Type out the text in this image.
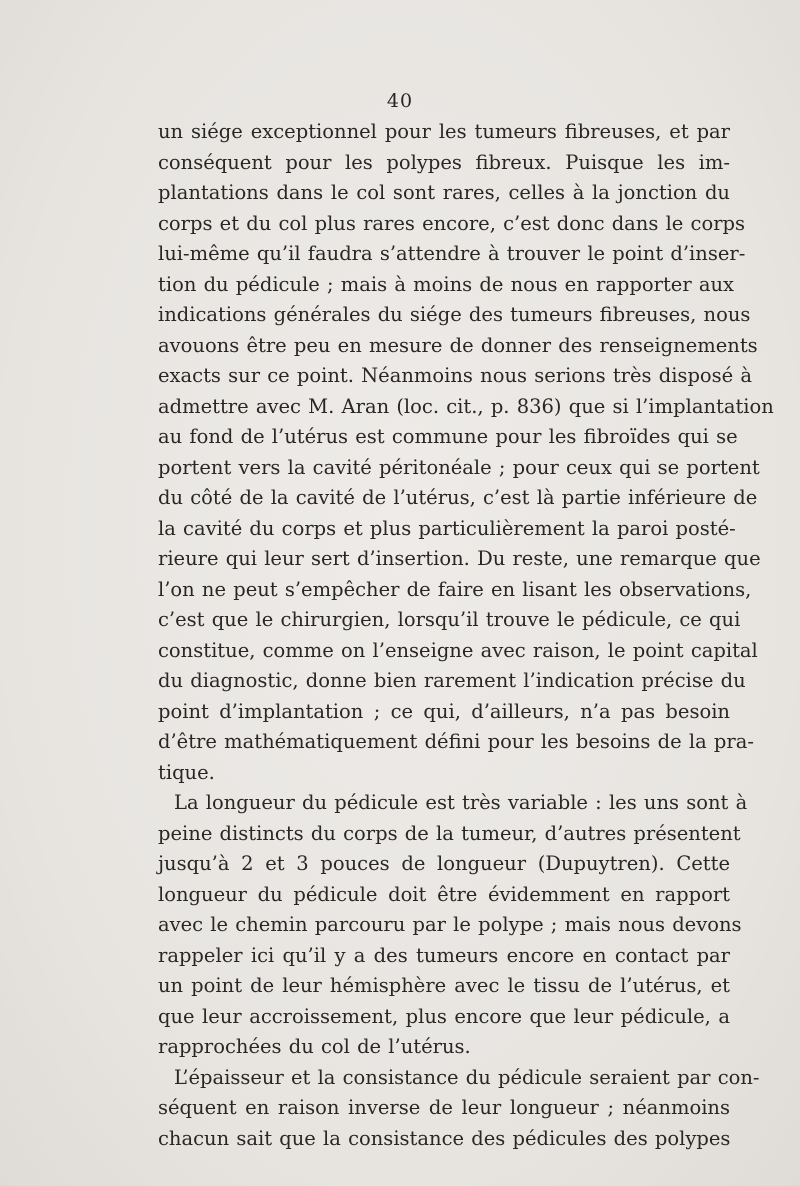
40
un siége exceptionnel pour les tumeurs fibreuses, et par
conséquent pour les polypes fibreux. Puisque les im-
plantations dans le col sont rares, celles à la jonction du
corps et du col plus rares encore, c’est donc dans le corps
lui-même qu’il faudra s’attendre à trouver le point d’inser-
tion du pédicule ; mais à moins de nous en rapporter aux
indications générales du siége des tumeurs fibreuses, nous
avouons être peu en mesure de donner des renseignements
exacts sur ce point. Néanmoins nous serions très disposé à
admettre avec M. Aran (loc. cit., p. 836) que si l’implantation
au fond de l’utérus est commune pour les fibroïdes qui se
portent vers la cavité péritonéale ; pour ceux qui se portent
du côté de la cavité de l’utérus, c’est là partie inférieure de
la cavité du corps et plus particulièrement la paroi posté-
rieure qui leur sert d’insertion. Du reste, une remarque que
l’on ne peut s’empêcher de faire en lisant les observations,
c’est que le chirurgien, lorsqu’il trouve le pédicule, ce qui
constitue, comme on l’enseigne avec raison, le point capital
du diagnostic, donne bien rarement l’indication précise du
point d’implantation ; ce qui, d’ailleurs, n’a pas besoin
d’être mathématiquement défini pour les besoins de la pra-
tique.
La longueur du pédicule est très variable : les uns sont à
peine distincts du corps de la tumeur, d’autres présentent
jusqu’à 2 et 3 pouces de longueur (Dupuytren). Cette
longueur du pédicule doit être évidemment en rapport
avec le chemin parcouru par le polype ; mais nous devons
rappeler ici qu’il y a des tumeurs encore en contact par
un point de leur hémisphère avec le tissu de l’utérus, et
que leur accroissement, plus encore que leur pédicule, a
rapprochées du col de l’utérus.
L’épaisseur et la consistance du pédicule seraient par con-
séquent en raison inverse de leur longueur ; néanmoins
chacun sait que la consistance des pédicules des polypes
